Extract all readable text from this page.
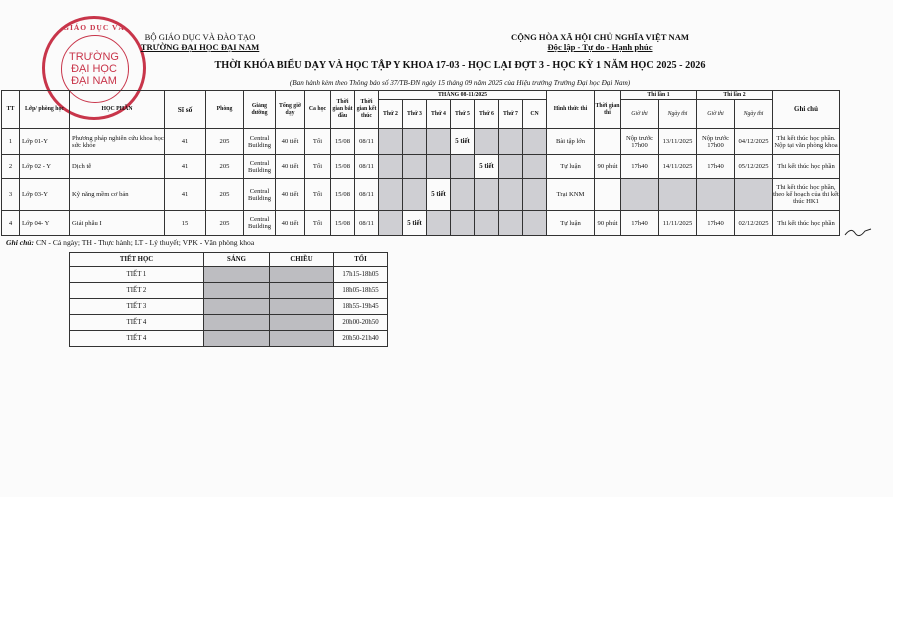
GIÁO DỤC VÀ
TRƯỜNG
ĐẠI HỌC
ĐẠI NAM
BỘ GIÁO DỤC VÀ ĐÀO TẠO
TRƯỜNG ĐẠI HỌC ĐẠI NAM
CỘNG HÒA XÃ HỘI CHỦ NGHĨA VIỆT NAM
Độc lập - Tự do - Hạnh phúc
THỜI KHÓA BIỂU DẠY VÀ HỌC TẬP Y KHOA 17-03 - HỌC LẠI ĐỢT 3 - HỌC KỲ 1 NĂM HỌC 2025 - 2026
(Ban hành kèm theo Thông báo số 37/TB-ĐN ngày 15 tháng 09 năm 2025 của Hiệu trưởng Trường Đại học Đại Nam)
TT	Lớp/ phòng học	HỌC PHẦN	Sĩ số	Phòng	Giảng đường	Tổng giờ dạy	Ca học	Thời gian bắt đầu	Thời gian kết thúc	THÁNG 08-11/2025							Hình thức thi	Thời gian thi	Thi lần 1		Thi lần 2		Ghi chú
										Thứ 2	Thứ 3	Thứ 4	Thứ 5	Thứ 6	Thứ 7	CN			Giờ thi	Ngày thi	Giờ thi	Ngày thi	

1	Lớp 01-Y	Phương pháp nghiên cứu khoa học sức khỏe	41	205	Central Building	40 tiết	Tối	15/08	08/11				5 tiết				Bài tập lớn		Nộp trước 17h00	13/11/2025	Nộp trước 17h00	04/12/2025	Thi kết thúc học phần. Nộp tại văn phòng khoa
2	Lớp 02 - Y	Dịch tễ	41	205	Central Building	40 tiết	Tối	15/08	08/11					5 tiết			Tự luận	90 phút	17h40	14/11/2025	17h40	05/12/2025	Thi kết thúc học phần
3	Lớp 03-Y	Kỹ năng mềm cơ bản	41	205	Central Building	40 tiết	Tối	15/08	08/11			5 tiết					Trại KNM						Thi kết thúc học phần, theo kế hoạch của thi kết thúc HK1
4	Lớp 04- Y	Giải phẫu I	15	205	Central Building	40 tiết	Tối	15/08	08/11		5 tiết						Tự luận	90 phút	17h40	11/11/2025	17h40	02/12/2025	Thi kết thúc học phần
Ghi chú: CN - Cả ngày; TH - Thực hành; LT - Lý thuyết; VPK - Văn phòng khoa
TIẾT HỌC	SÁNG	CHIỀU	TỐI
TIẾT 1			17h15-18h05
TIẾT 2			18h05-18h55
TIẾT 3			18h55-19h45
TIẾT 4			20h00-20h50
TIẾT 4			20h50-21h40
